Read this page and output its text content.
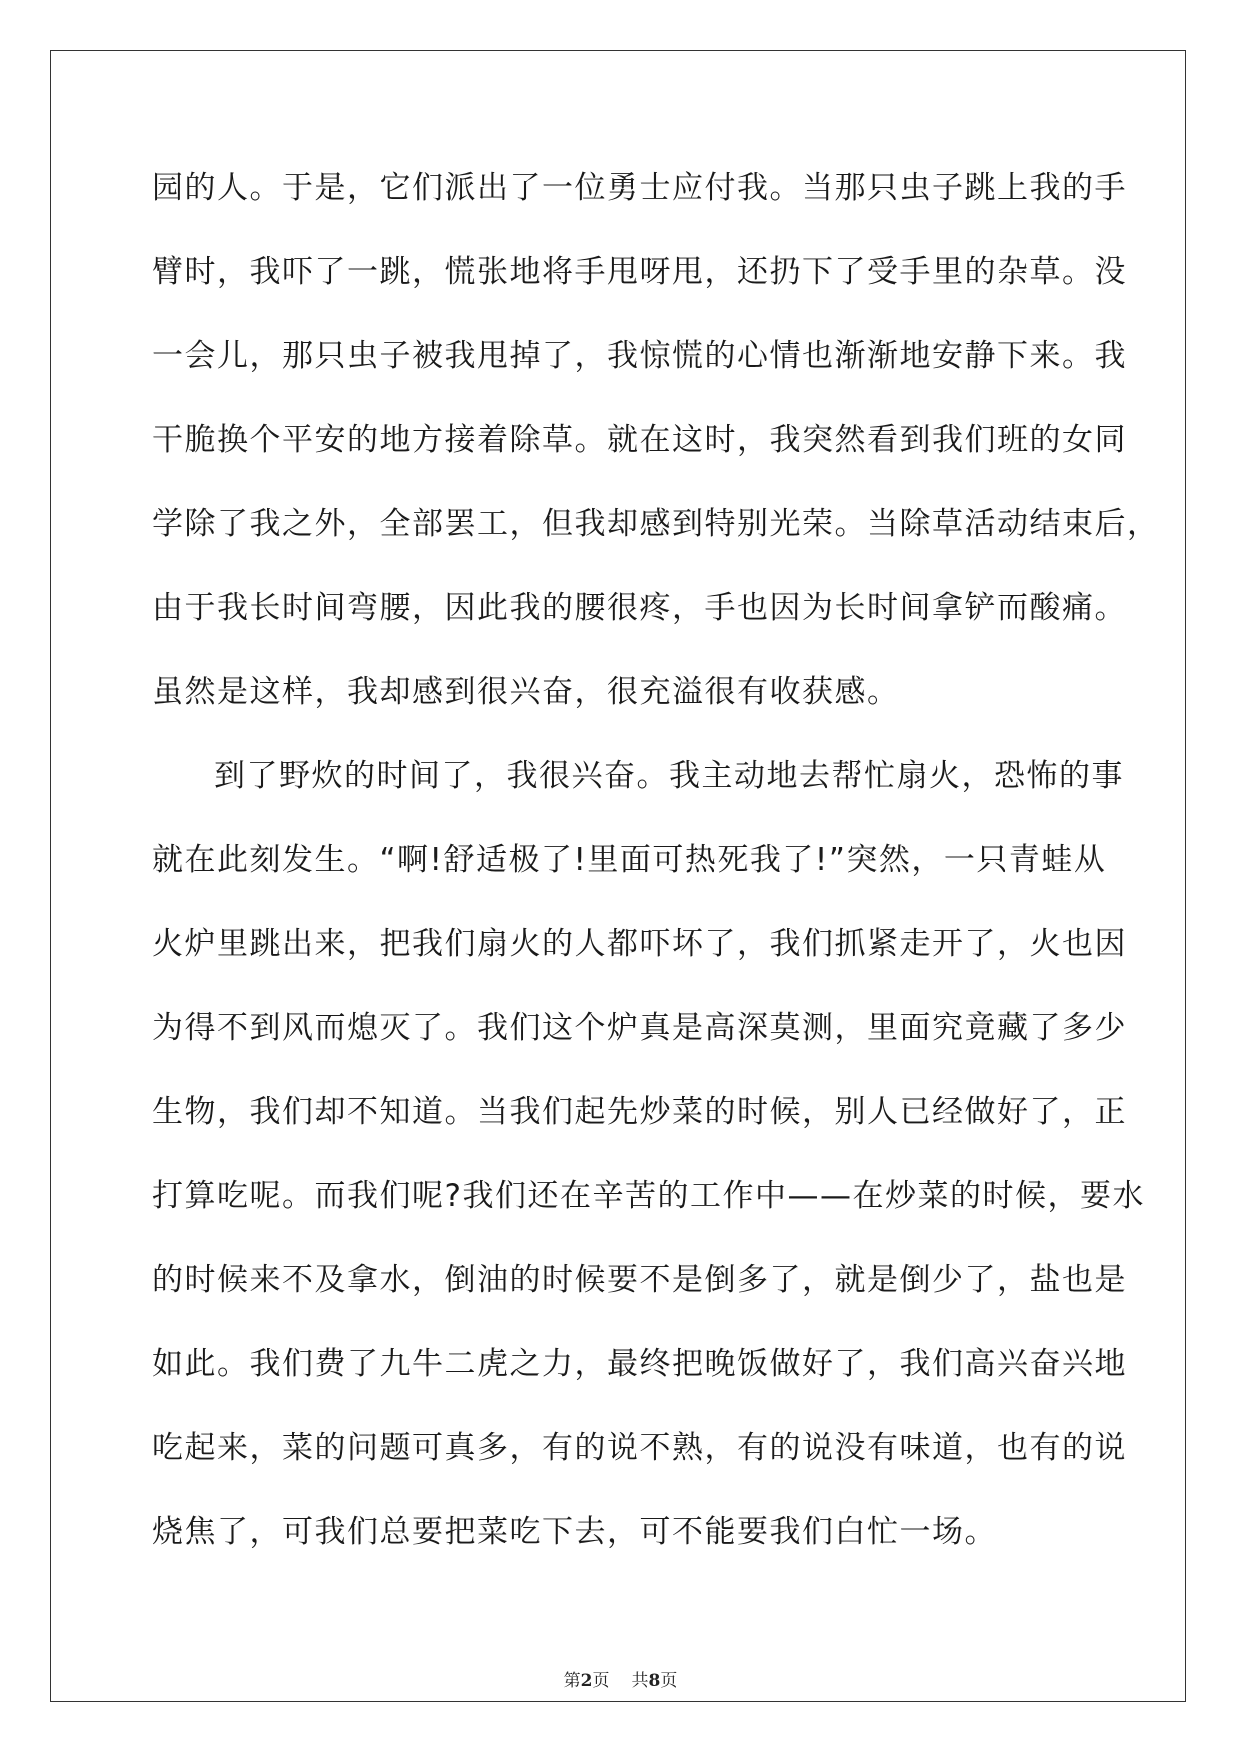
园的人。于是，它们派出了一位勇士应付我。当那只虫子跳上我的手
臂时，我吓了一跳，慌张地将手甩呀甩，还扔下了受手里的杂草。没
一会儿，那只虫子被我甩掉了，我惊慌的心情也渐渐地安静下来。我
干脆换个平安的地方接着除草。就在这时，我突然看到我们班的女同
学除了我之外，全部罢工，但我却感到特别光荣。当除草活动结束后，
由于我长时间弯腰，因此我的腰很疼，手也因为长时间拿铲而酸痛。
虽然是这样，我却感到很兴奋，很充溢很有收获感。
到了野炊的时间了，我很兴奋。我主动地去帮忙扇火，恐怖的事
就在此刻发生。“啊!舒适极了!里面可热死我了!”突然，一只青蛙从
火炉里跳出来，把我们扇火的人都吓坏了，我们抓紧走开了，火也因
为得不到风而熄灭了。我们这个炉真是高深莫测，里面究竟藏了多少
生物，我们却不知道。当我们起先炒菜的时候，别人已经做好了，正
打算吃呢。而我们呢?我们还在辛苦的工作中——在炒菜的时候，要水
的时候来不及拿水，倒油的时候要不是倒多了，就是倒少了，盐也是
如此。我们费了九牛二虎之力，最终把晚饭做好了，我们高兴奋兴地
吃起来，菜的问题可真多，有的说不熟，有的说没有味道，也有的说
烧焦了，可我们总要把菜吃下去，可不能要我们白忙一场。
第2页 共8页
